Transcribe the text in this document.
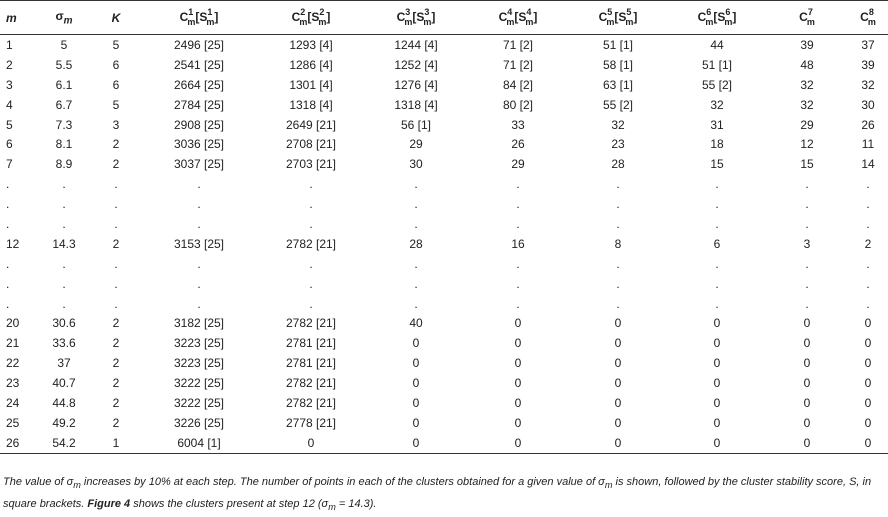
m	$\sigma_m$	K	$C^1_m[S^1_m]$	$C^2_m[S^2_m]$	$C^3_m[S^3_m]$	$C^4_m[S^4_m]$	$C^5_m[S^5_m]$	$C^6_m[S^6_m]$	$C^7_m$	$C^8_m$
1	5	5	2496 [25]	1293 [4]	1244 [4]	71 [2]	51 [1]	44	39	37
2	5.5	6	2541 [25]	1286 [4]	1252 [4]	71 [2]	58 [1]	51 [1]	48	39
3	6.1	6	2664 [25]	1301 [4]	1276 [4]	84 [2]	63 [1]	55 [2]	32	32
4	6.7	5	2784 [25]	1318 [4]	1318 [4]	80 [2]	55 [2]	32	32	30
5	7.3	3	2908 [25]	2649 [21]	56 [1]	33	32	31	29	26
6	8.1	2	3036 [25]	2708 [21]	29	26	23	18	12	11
7	8.9	2	3037 [25]	2703 [21]	30	29	28	15	15	14
.	.	.	.	.	.	.	.	.	.	.
.	.	.	.	.	.	.	.	.	.	.
.	.	.	.	.	.	.	.	.	.	.
12	14.3	2	3153 [25]	2782 [21]	28	16	8	6	3	2
.	.	.	.	.	.	.	.	.	.	.
.	.	.	.	.	.	.	.	.	.	.
.	.	.	.	.	.	.	.	.	.	.
20	30.6	2	3182 [25]	2782 [21]	40	0	0	0	0	0
21	33.6	2	3223 [25]	2781 [21]	0	0	0	0	0	0
22	37	2	3223 [25]	2781 [21]	0	0	0	0	0	0
23	40.7	2	3222 [25]	2782 [21]	0	0	0	0	0	0
24	44.8	2	3222 [25]	2782 [21]	0	0	0	0	0	0
25	49.2	2	3226 [25]	2778 [21]	0	0	0	0	0	0
26	54.2	1	6004 [1]	0	0	0	0	0	0	0
The value of $\sigma_m$ increases by 10% at each step. The number of points in each of the clusters obtained for a given value of $\sigma_m$ is shown, followed by the cluster stability score, S, in square brackets. Figure 4 shows the clusters present at step 12 $(\sigma_m = 14.3)$.
